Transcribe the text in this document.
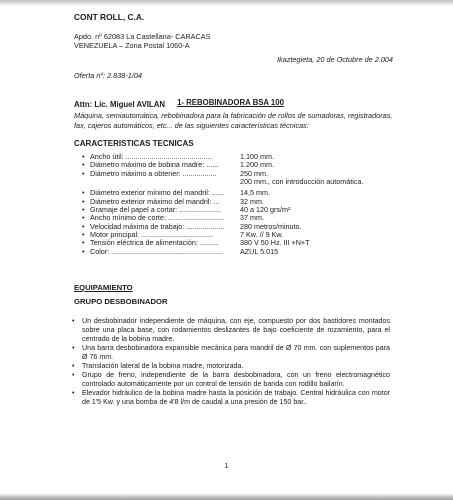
CONT ROLL, C.A.
Apdo. nº 62083 La Castellana- CARACAS
VENEZUELA – Zona Postal 1060-A
Ikaztegieta, 20 de Octubre de 2.004
Oferta nº: 2.838-1/04
Attn: Lic. Miguel AVILAN	1- REBOBINADORA BSA 100
Máquina, semiautomática, rebobinadora para la fabricación de rollos de sumadoras, registradoras, fax, cajeros automáticos, etc... de las siguientes características técnicas:
CARACTERISTICAS TECNICAS
• Ancho útil: ...........................................	1.100 mm.
• Diámetro máximo de bobina madre: ......	1.200 mm.
• Diámetro máximo a obtener: .................	250 mm.
200 mm., con introducción automática.
• Diámetro exterior mínimo del mandril: ...... 14,5 mm.
• Diámetro exterior máximo del mandril: ...	32 mm.
• Gramaje del papel a cortar: .....................	40 a 120 grs/m²
• Ancho mínimo de corte: ............................ 37 mm.
• Velocidad máxima de trabajo: ................... 280 metros/minuto.
• Motor principal: ....................................	7 Kw. // 9 Kw.
• Tensión eléctrica de alimentación: .........	380 V 50 Hz. III +N+T
• Color: ........................................................ AZUL 5.015
EQUIPAMIENTO
GRUPO DESBOBINADOR
•	Un desbobinador independiente de máquina, con eje, compuesto por dos bastidores montados sobre una placa base, con rodamientos deslizantes de bajo coeficiente de rozamiento, para el centrado de la bobina madre.
•	Una barra desbobinadora expansible mecánica para mandril de Ø 70 mm. con suplementos para Ø 76 mm.
•	Translación lateral de la bobina madre, motorizada.
•	Grupo de freno, independiente de la barra desbobinadora, con un freno electromagnético controlado automáticamente por un control de tensión de banda con rodillo bailarín.
•	Elevador hidráulico de la bobina madre hasta la posición de trabajo. Central hidráulica con motor de 1'5 Kw. y una bomba de 4'8 l/m de caudal a una presión de 150 bar..
1
